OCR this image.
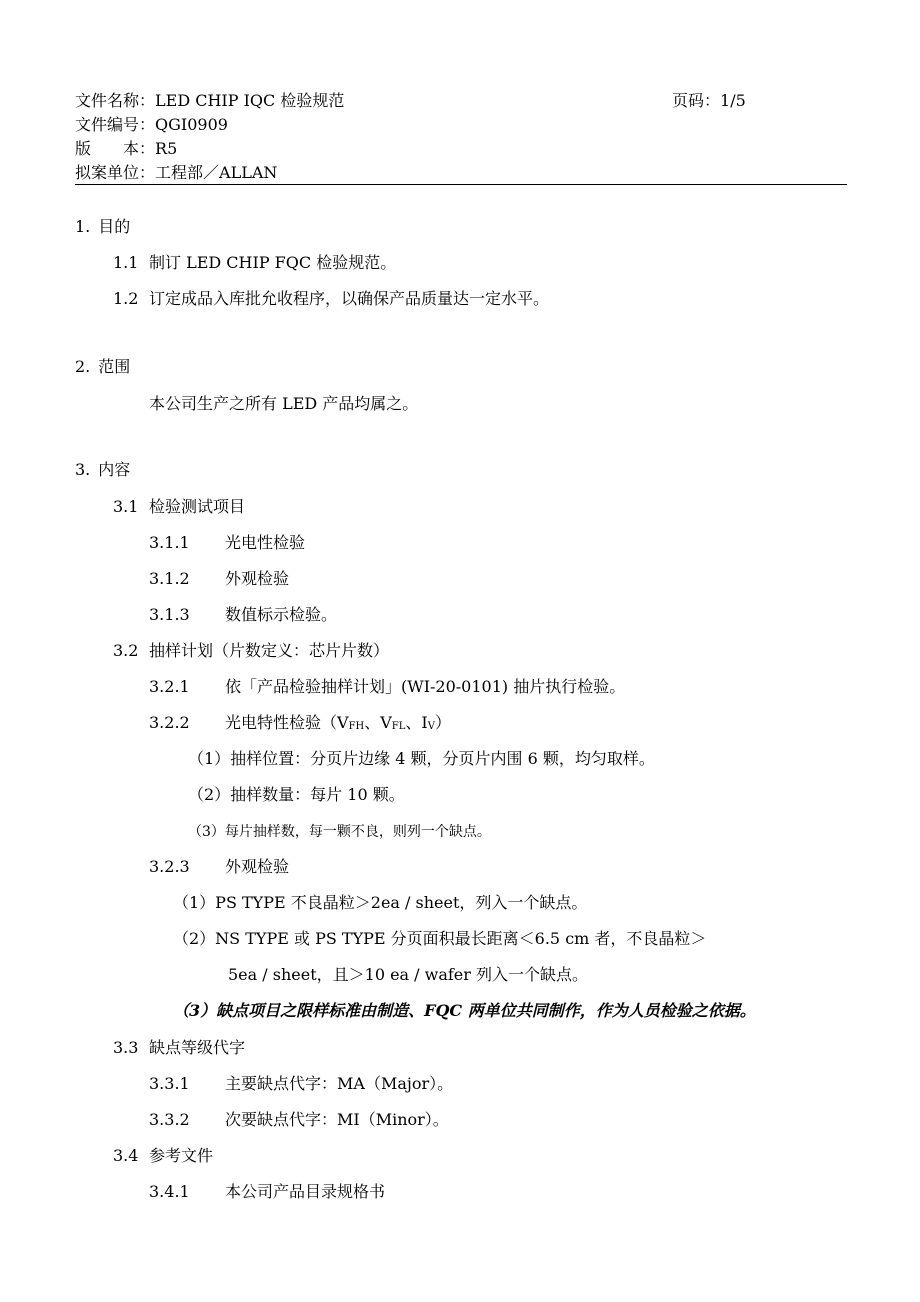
文件名称：LED CHIP IQC 检验规范	页码：1/5
文件编号：QGI0909
版　　本：R5
拟案单位：工程部／ALLAN
1. 目的
1.1 制订 LED CHIP FQC 检验规范。
1.2 订定成品入库批允收程序，以确保产品质量达一定水平。
2. 范围
本公司生产之所有 LED 产品均属之。
3. 内容
3.1 检验测试项目
3.1.1 光电性检验
3.1.2 外观检验
3.1.3 数值标示检验。
3.2 抽样计划（片数定义：芯片片数）
3.2.1 依「产品检验抽样计划」(WI-20-0101) 抽片执行检验。
3.2.2 光电特性检验（$V_{FH}$、$V_{FL}$、$I_V$）
（1）抽样位置：分页片边缘 4 颗，分页片内围 6 颗，均匀取样。
（2）抽样数量：每片 10 颗。
（3）每片抽样数，每一颗不良，则列一个缺点。
3.2.3 外观检验
（1）PS TYPE 不良晶粒＞2ea / sheet，列入一个缺点。
（2）NS TYPE 或 PS TYPE 分页面积最长距离＜6.5 cm 者，不良晶粒＞
5ea / sheet，且＞10 ea / wafer 列入一个缺点。
（3）缺点项目之限样标准由制造、FQC 两单位共同制作，作为人员检验之依据。
3.3 缺点等级代字
3.3.1 主要缺点代字：MA（Major）。
3.3.2 次要缺点代字：MI（Minor）。
3.4 参考文件
3.4.1 本公司产品目录规格书
